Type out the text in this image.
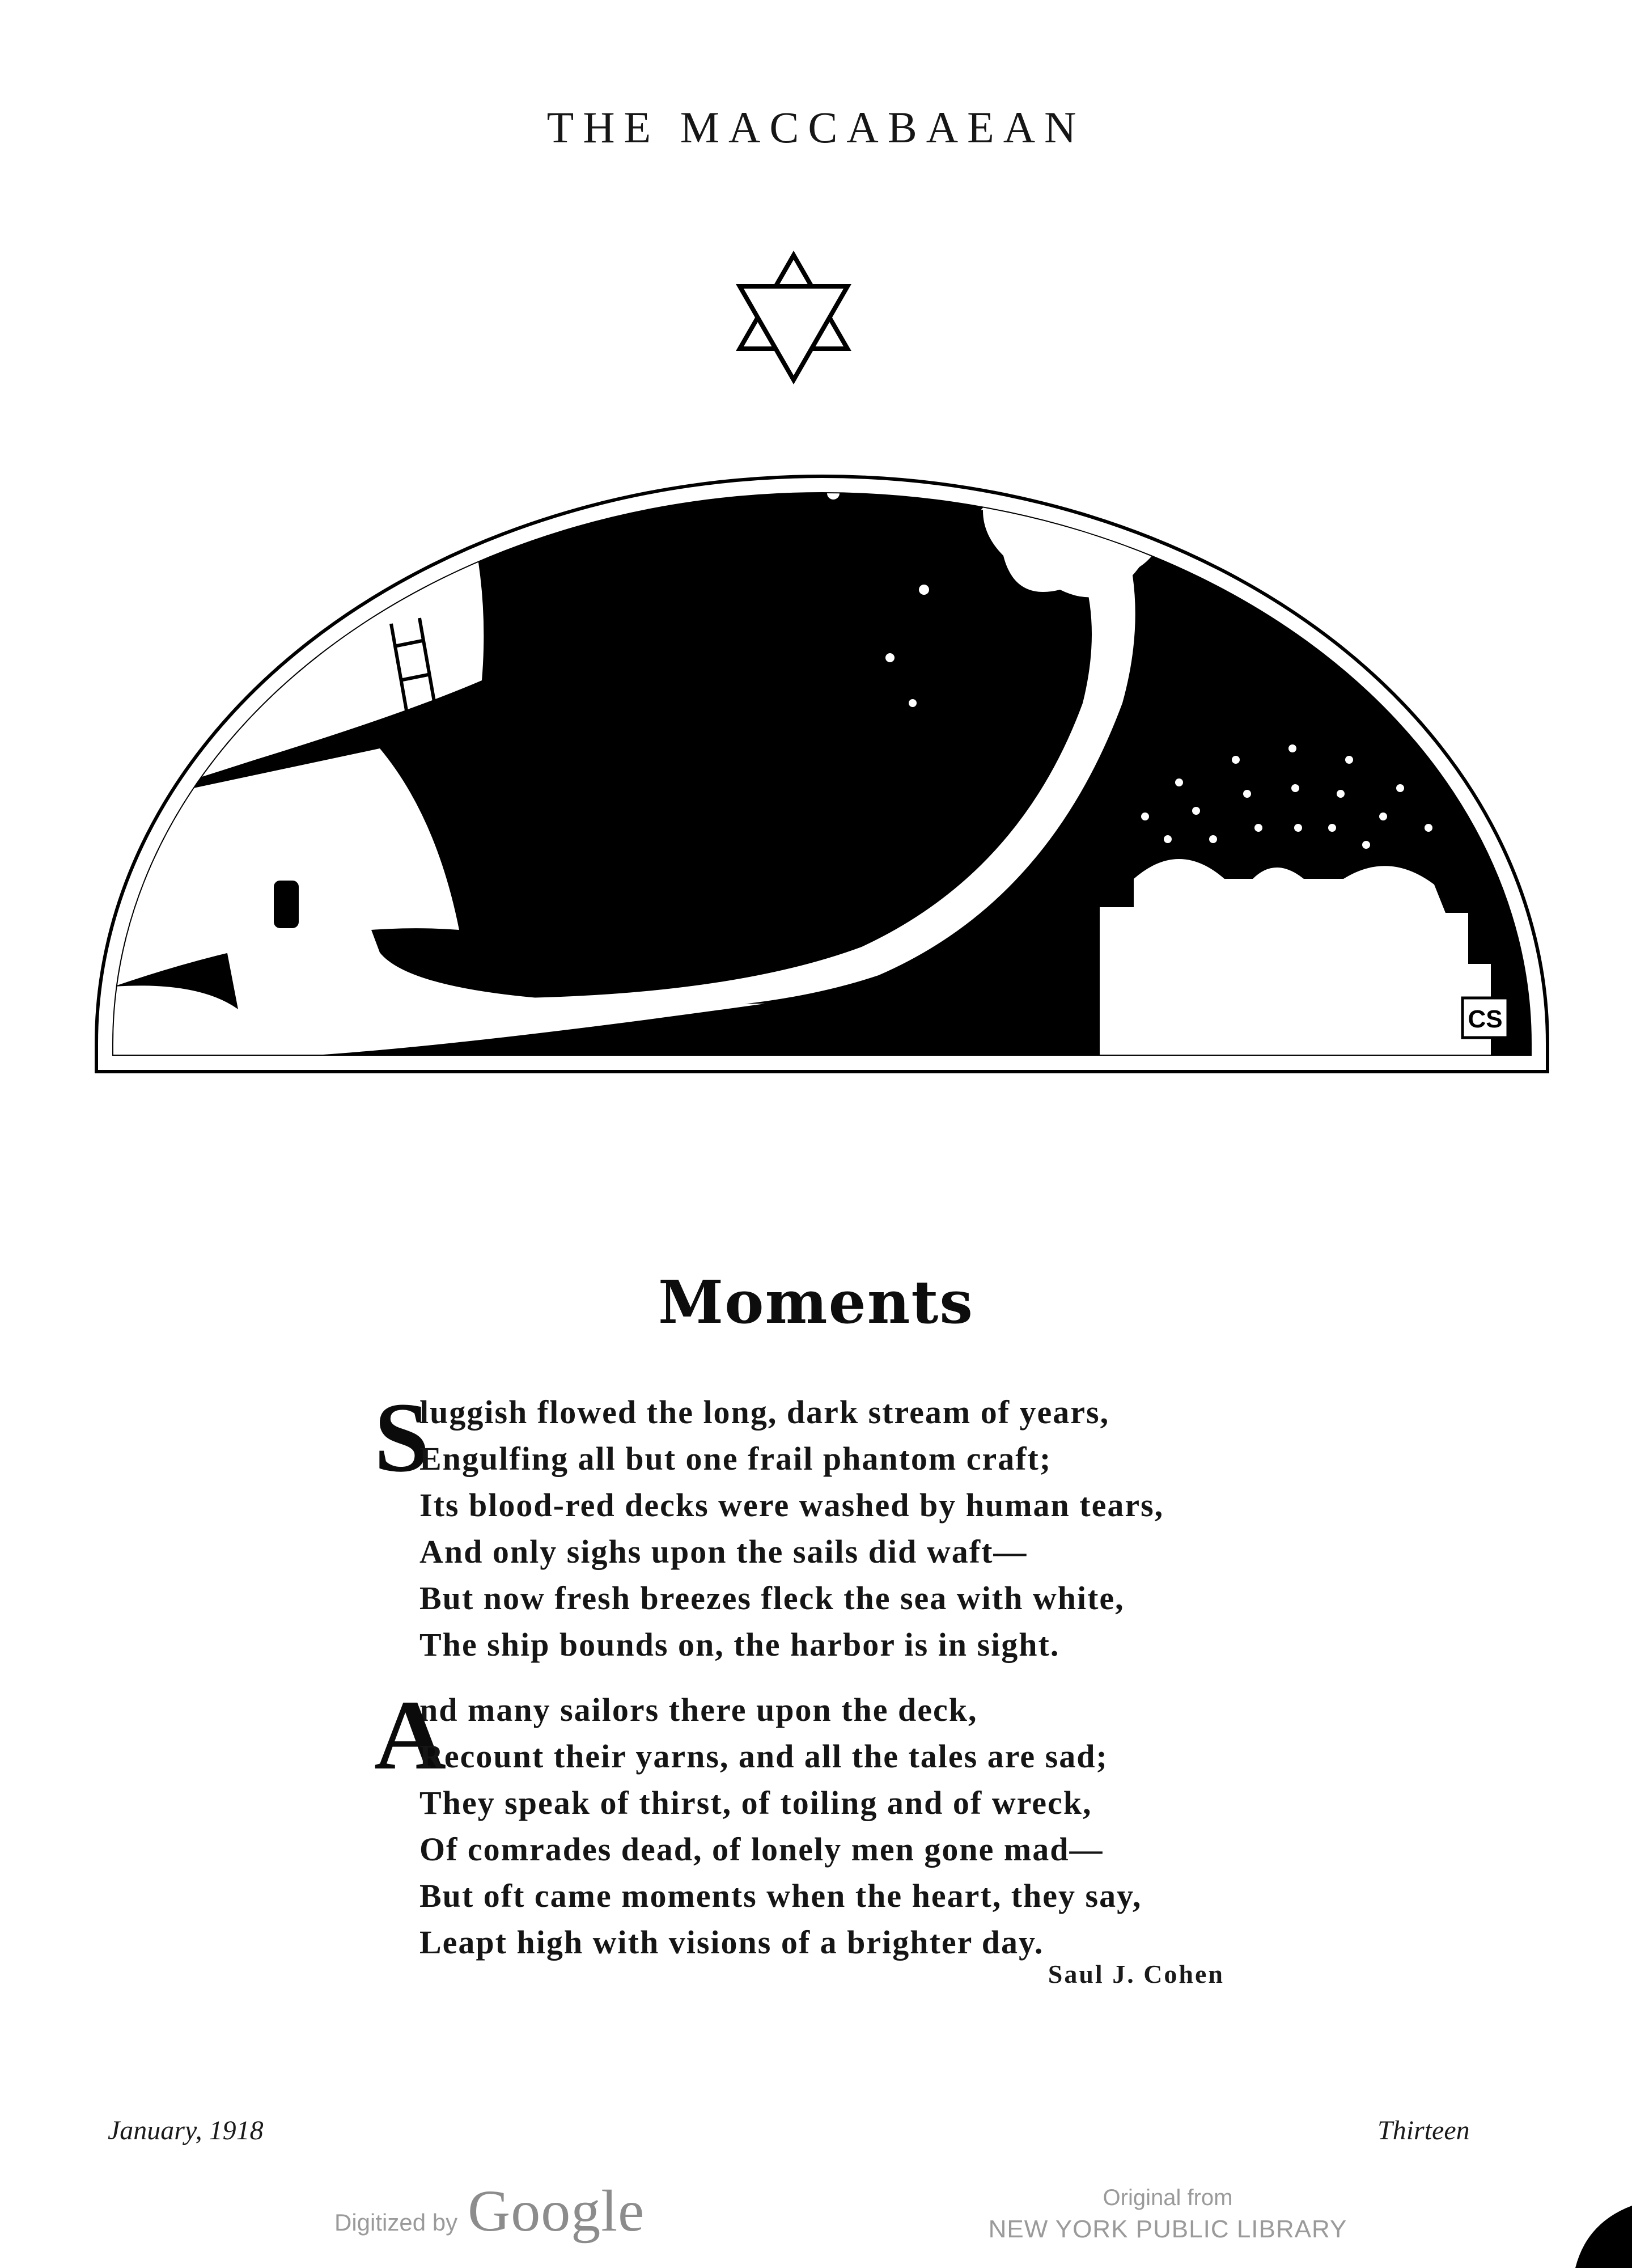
THE MACCABAEAN
CS
Moments
S
luggish flowed the long, dark stream of years,
Engulfing all but one frail phantom craft;
Its blood-red decks were washed by human tears,
And only sighs upon the sails did waft—
But now fresh breezes fleck the sea with white,
The ship bounds on, the harbor is in sight.
A
nd many sailors there upon the deck,
Recount their yarns, and all the tales are sad;
They speak of thirst, of toiling and of wreck,
Of comrades dead, of lonely men gone mad—
But oft came moments when the heart, they say,
Leapt high with visions of a brighter day.
Saul J. Cohen
January, 1918	Thirteen
Digitized by Google	Original from
NEW YORK PUBLIC LIBRARY
